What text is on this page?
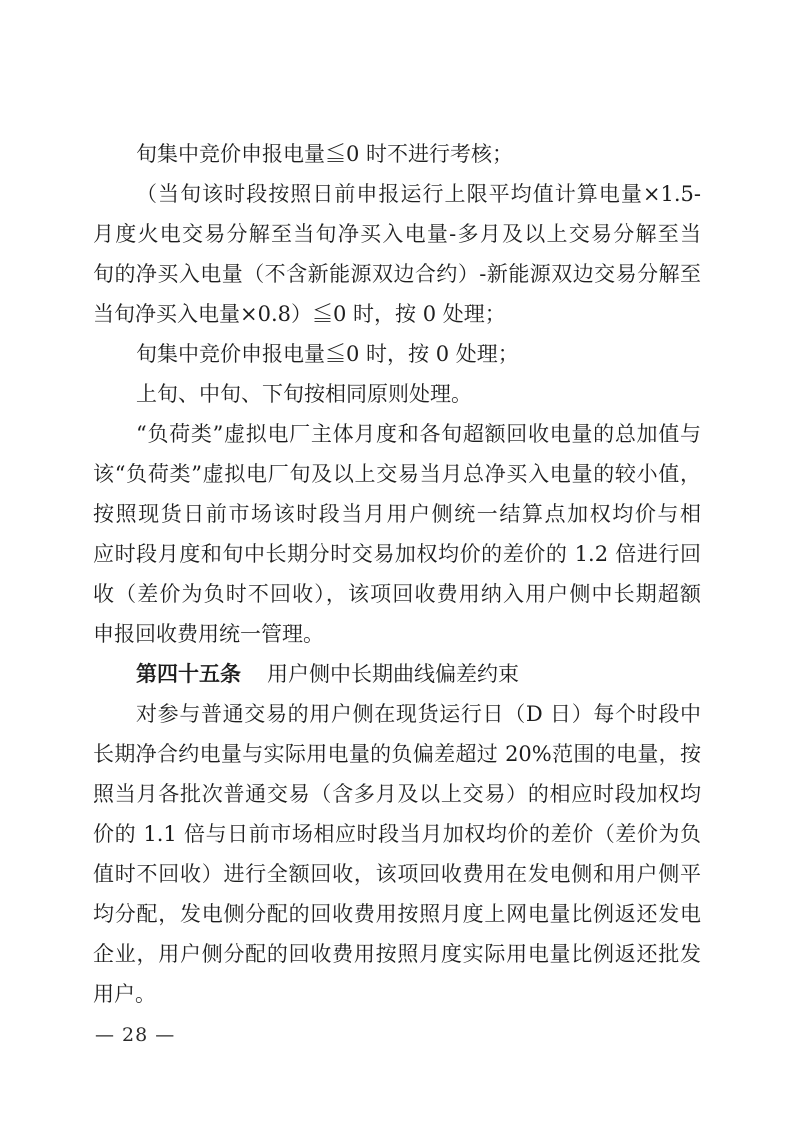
旬集中竞价申报电量≦0 时不进行考核；
（当旬该时段按照日前申报运行上限平均值计算电量×1.5-
月度火电交易分解至当旬净买入电量-多月及以上交易分解至当
旬的净买入电量（不含新能源双边合约）-新能源双边交易分解至
当旬净买入电量×0.8）≦0 时，按 0 处理；
旬集中竞价申报电量≦0 时，按 0 处理；
上旬、中旬、下旬按相同原则处理。
“负荷类”虚拟电厂主体月度和各旬超额回收电量的总加值与
该“负荷类”虚拟电厂旬及以上交易当月总净买入电量的较小值，
按照现货日前市场该时段当月用户侧统一结算点加权均价与相
应时段月度和旬中长期分时交易加权均价的差价的 1.2 倍进行回
收（差价为负时不回收），该项回收费用纳入用户侧中长期超额
申报回收费用统一管理。
第四十五条 用户侧中长期曲线偏差约束
对参与普通交易的用户侧在现货运行日（D 日）每个时段中
长期净合约电量与实际用电量的负偏差超过 20%范围的电量，按
照当月各批次普通交易（含多月及以上交易）的相应时段加权均
价的 1.1 倍与日前市场相应时段当月加权均价的差价（差价为负
值时不回收）进行全额回收，该项回收费用在发电侧和用户侧平
均分配，发电侧分配的回收费用按照月度上网电量比例返还发电
企业，用户侧分配的回收费用按照月度实际用电量比例返还批发
用户。
— 28 —
